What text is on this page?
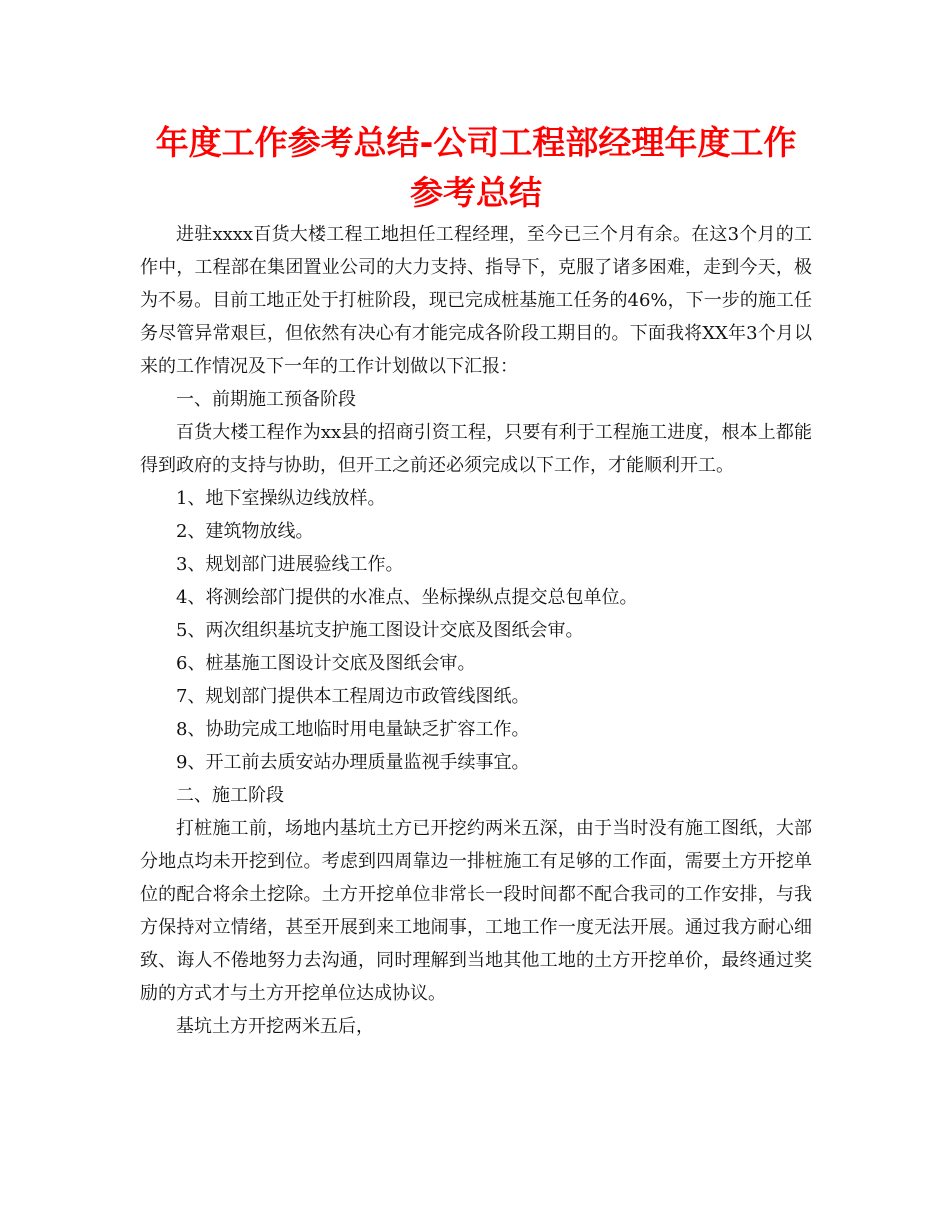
年度工作参考总结-公司工程部经理年度工作参考总结

进驻xxxx百货大楼工程工地担任工程经理，至今已三个月有余。在这3个月的工作中，工程部在集团置业公司的大力支持、指导下，克服了诸多困难，走到今天，极为不易。目前工地正处于打桩阶段，现已完成桩基施工任务的46%，下一步的施工任务尽管异常艰巨，但依然有决心有才能完成各阶段工期目的。下面我将XX年3个月以来的工作情况及下一年的工作计划做以下汇报：

一、前期施工预备阶段

百货大楼工程作为xx县的招商引资工程，只要有利于工程施工进度，根本上都能得到政府的支持与协助，但开工之前还必须完成以下工作，才能顺利开工。

1、地下室操纵边线放样。
2、建筑物放线。
3、规划部门进展验线工作。
4、将测绘部门提供的水准点、坐标操纵点提交总包单位。
5、两次组织基坑支护施工图设计交底及图纸会审。
6、桩基施工图设计交底及图纸会审。
7、规划部门提供本工程周边市政管线图纸。
8、协助完成工地临时用电量缺乏扩容工作。
9、开工前去质安站办理质量监视手续事宜。

二、施工阶段

打桩施工前，场地内基坑土方已开挖约两米五深，由于当时没有施工图纸，大部分地点均未开挖到位。考虑到四周靠边一排桩施工有足够的工作面，需要土方开挖单位的配合将余土挖除。土方开挖单位非常长一段时间都不配合我司的工作安排，与我方保持对立情绪，甚至开展到来工地闹事，工地工作一度无法开展。通过我方耐心细致、诲人不倦地努力去沟通，同时理解到当地其他工地的土方开挖单价，最终通过奖励的方式才与土方开挖单位达成协议。

基坑土方开挖两米五后，
